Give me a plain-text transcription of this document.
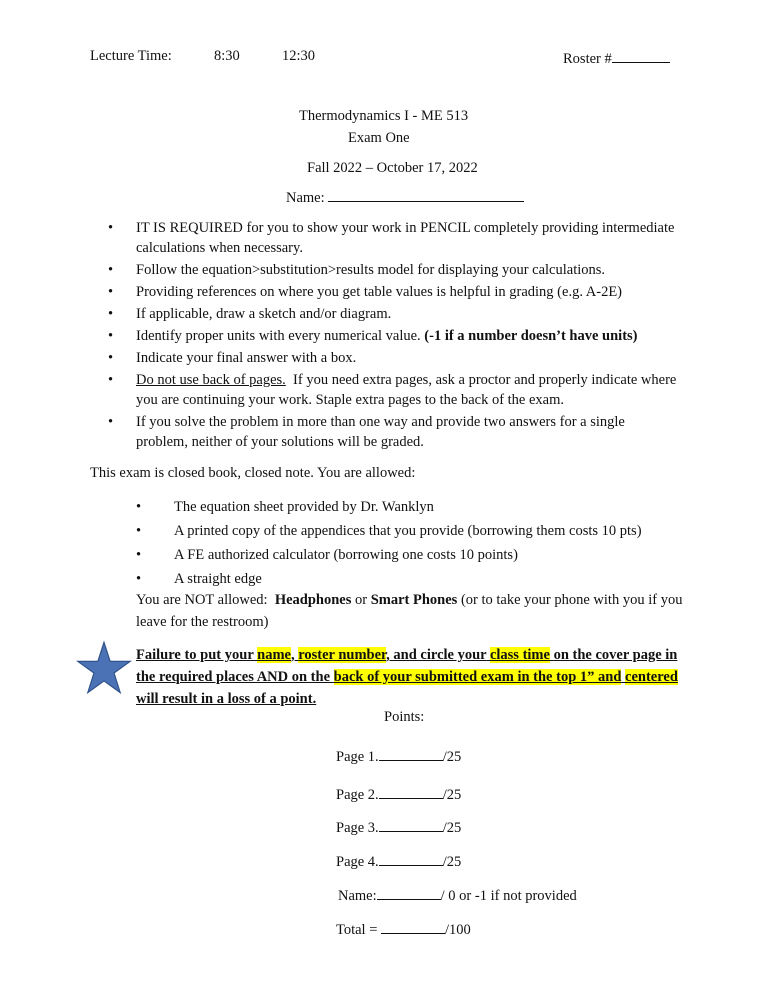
Lecture Time:	8:30	12:30	Roster #
Thermodynamics I - ME 513
Exam One
Fall 2022 – October 17, 2022
Name:
• IT IS REQUIRED for you to show your work in PENCIL completely providing intermediate calculations when necessary.
• Follow the equation>substitution>results model for displaying your calculations.
• Providing references on where you get table values is helpful in grading (e.g. A-2E)
• If applicable, draw a sketch and/or diagram.
• Identify proper units with every numerical value. (-1 if a number doesn’t have units)
• Indicate your final answer with a box.
• Do not use back of pages. If you need extra pages, ask a proctor and properly indicate where you are continuing your work. Staple extra pages to the back of the exam.
• If you solve the problem in more than one way and provide two answers for a single problem, neither of your solutions will be graded.
This exam is closed book, closed note. You are allowed:
• The equation sheet provided by Dr. Wanklyn
• A printed copy of the appendices that you provide (borrowing them costs 10 pts)
• A FE authorized calculator (borrowing one costs 10 points)
• A straight edge
You are NOT allowed: Headphones or Smart Phones (or to take your phone with you if you leave for the restroom)
Failure to put your name, roster number, and circle your class time on the cover page in the required places AND on the back of your submitted exam in the top 1” and centered will result in a loss of a point.
Points:
Page 1.	/25
Page 2.	/25
Page 3.	/25
Page 4.	/25
Name:	/ 0 or -1 if not provided
Total =	/100
